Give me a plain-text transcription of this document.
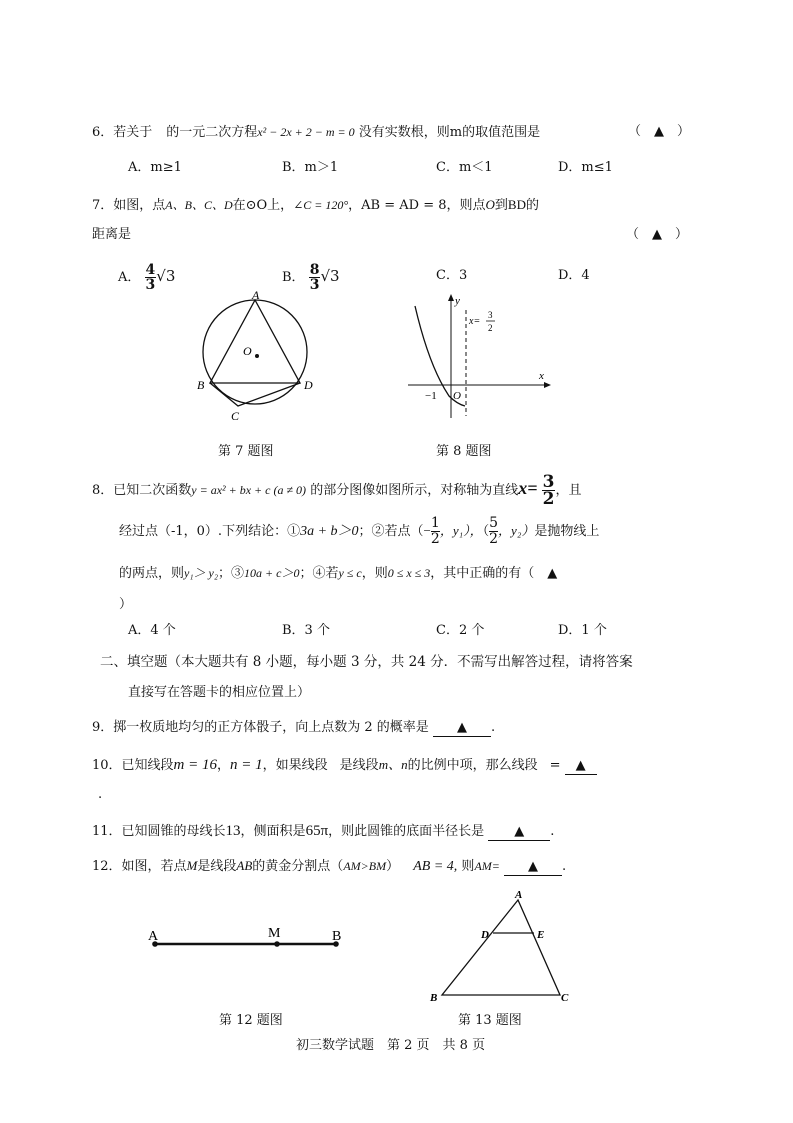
6．若关于 的一元二次方程x² − 2x + 2 − m = 0 没有实数根，则m的取值范围是	（　▲　）
A．m≥1	B．m＞1	C．m＜1	D．m≤1
7．如图，点A、B、C、D在⊙O上，∠C = 120°，AB = AD = 8，则点O到BD的
距离是	（　▲　）
A． $\frac{4}{3} √3$	B． $\frac{8}{3} √3$	C．3	D．4
A
B
C
D
O
第 7 题图
y
x
x=
3
2
−1 O
第 8 题图
8．已知二次函数y = ax² + bx + c (a ≠ 0) 的部分图像如图所示，对称轴为直线$x= \frac{3}{2}$ ，且
经过点（-1，0）.下列结论：①3a + b＞0；②若点（− $\frac{1}{2}$ ，y₁），（ $\frac{5}{2}$ ，y₂）是抛物线上
的两点，则y₁＞ y₂；③10a + c＞0；④若y ≤ c，则0 ≤ x ≤ 3，其中正确的有（　▲
）
A．4 个	B．3 个	C．2 个	D．1 个
二、填空题（本大题共有 8 小题，每小题 3 分，共 24 分．不需写出解答过程，请将答案
直接写在答题卡的相应位置上）
9．掷一枚质地均匀的正方体骰子，向上点数为 2 的概率是 ▲ .
10．已知线段m = 16，n = 1，如果线段 是线段m、n的比例中项，那么线段 = ▲
.
11．已知圆锥的母线长13，侧面积是65π，则此圆锥的底面半径长是 ▲ .
12．如图，若点M是线段AB的黄金分割点（AM>BM） AB = 4, 则AM= ▲ .
A	M	B
第 12 题图
A
D	E
B	C
第 13 题图
初三数学试题　第 2 页　共 8 页
